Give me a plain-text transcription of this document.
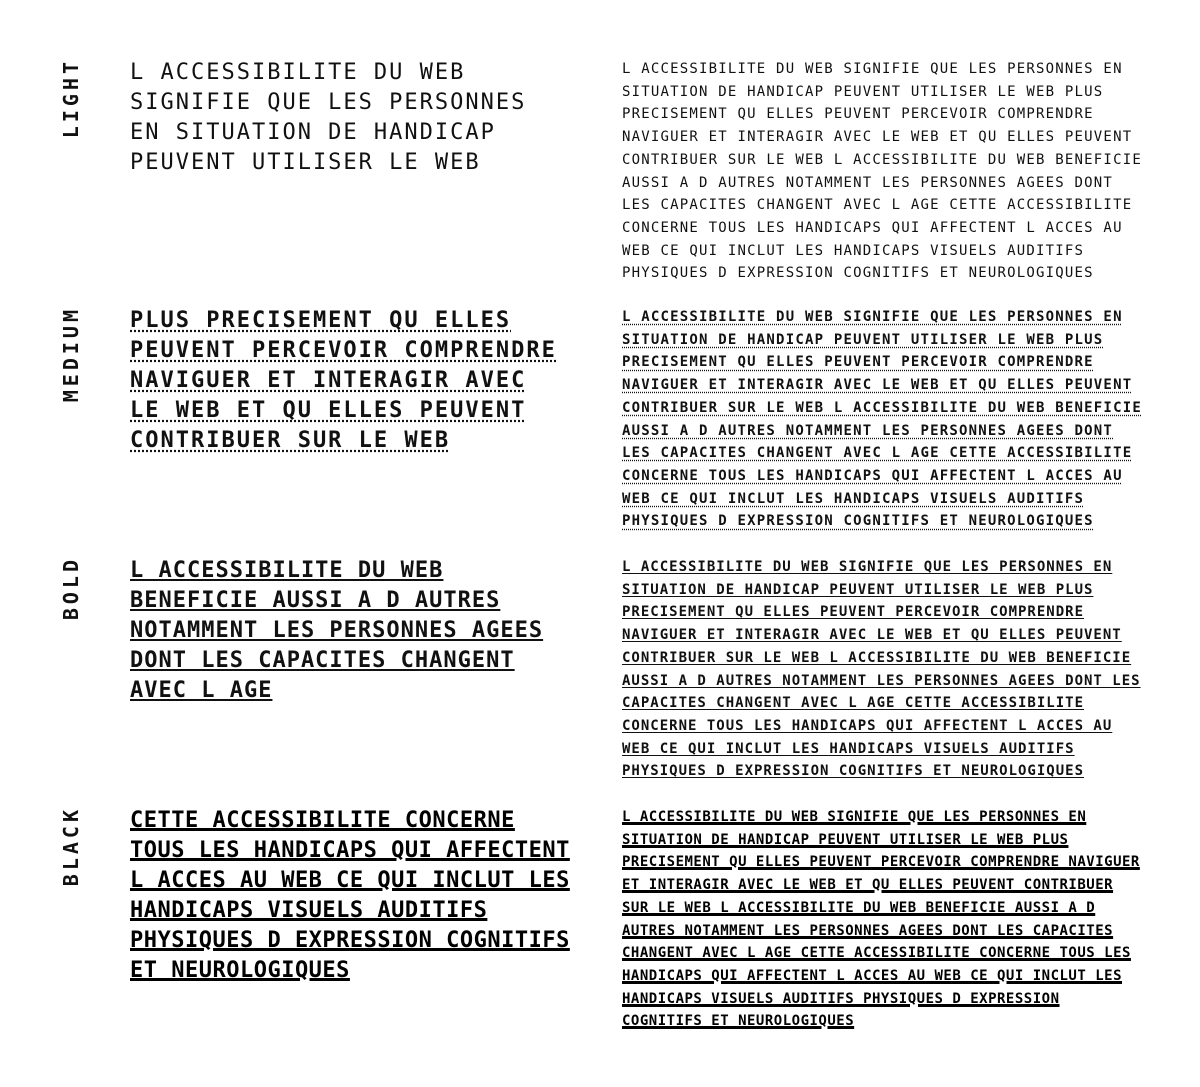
LIGHT L ACCESSIBILITE DU WEB SIGNIFIE QUE LES PERSONNES EN SITUATION DE HANDICAP PEUVENT UTILISER LE WEB
L ACCESSIBILITE DU WEB SIGNIFIE QUE LES PERSONNES EN SITUATION DE HANDICAP PEUVENT UTILISER LE WEB PLUS PRECISEMENT QU ELLES PEUVENT PERCEVOIR COMPRENDRE NAVIGUER ET INTERAGIR AVEC LE WEB ET QU ELLES PEUVENT CONTRIBUER SUR LE WEB L ACCESSIBILITE DU WEB BENEFICIE AUSSI A D AUTRES NOTAMMENT LES PERSONNES AGEES DONT LES CAPACITES CHANGENT AVEC L AGE CETTE ACCESSIBILITE CONCERNE TOUS LES HANDICAPS QUI AFFECTENT L ACCES AU WEB CE QUI INCLUT LES HANDICAPS VISUELS AUDITIFS PHYSIQUES D EXPRESSION COGNITIFS ET NEUROLOGIQUES
MEDIUM PLUS PRECISEMENT QU ELLES PEUVENT PERCEVOIR COMPRENDRE NAVIGUER ET INTERAGIR AVEC LE WEB ET QU ELLES PEUVENT CONTRIBUER SUR LE WEB
L ACCESSIBILITE DU WEB SIGNIFIE QUE LES PERSONNES EN SITUATION DE HANDICAP PEUVENT UTILISER LE WEB PLUS PRECISEMENT QU ELLES PEUVENT PERCEVOIR COMPRENDRE NAVIGUER ET INTERAGIR AVEC LE WEB ET QU ELLES PEUVENT CONTRIBUER SUR LE WEB L ACCESSIBILITE DU WEB BENEFICIE AUSSI A D AUTRES NOTAMMENT LES PERSONNES AGEES DONT LES CAPACITES CHANGENT AVEC L AGE CETTE ACCESSIBILITE CONCERNE TOUS LES HANDICAPS QUI AFFECTENT L ACCES AU WEB CE QUI INCLUT LES HANDICAPS VISUELS AUDITIFS PHYSIQUES D EXPRESSION COGNITIFS ET NEUROLOGIQUES
BOLD L ACCESSIBILITE DU WEB BENEFICIE AUSSI A D AUTRES NOTAMMENT LES PERSONNES AGEES DONT LES CAPACITES CHANGENT AVEC L AGE
L ACCESSIBILITE DU WEB SIGNIFIE QUE LES PERSONNES EN SITUATION DE HANDICAP PEUVENT UTILISER LE WEB PLUS PRECISEMENT QU ELLES PEUVENT PERCEVOIR COMPRENDRE NAVIGUER ET INTERAGIR AVEC LE WEB ET QU ELLES PEUVENT CONTRIBUER SUR LE WEB L ACCESSIBILITE DU WEB BENEFICIE AUSSI A D AUTRES NOTAMMENT LES PERSONNES AGEES DONT LES CAPACITES CHANGENT AVEC L AGE CETTE ACCESSIBILITE CONCERNE TOUS LES HANDICAPS QUI AFFECTENT L ACCES AU WEB CE QUI INCLUT LES HANDICAPS VISUELS AUDITIFS PHYSIQUES D EXPRESSION COGNITIFS ET NEUROLOGIQUES
BLACK CETTE ACCESSIBILITE CONCERNE TOUS LES HANDICAPS QUI AFFECTENT L ACCES AU WEB CE QUI INCLUT LES HANDICAPS VISUELS AUDITIFS PHYSIQUES D EXPRESSION COGNITIFS ET NEUROLOGIQUES
L ACCESSIBILITE DU WEB SIGNIFIE QUE LES PERSONNES EN SITUATION DE HANDICAP PEUVENT UTILISER LE WEB PLUS PRECISEMENT QU ELLES PEUVENT PERCEVOIR COMPRENDRE NAVIGUER ET INTERAGIR AVEC LE WEB ET QU ELLES PEUVENT CONTRIBUER SUR LE WEB L ACCESSIBILITE DU WEB BENEFICIE AUSSI A D AUTRES NOTAMMENT LES PERSONNES AGEES DONT LES CAPACITES CHANGENT AVEC L AGE CETTE ACCESSIBILITE CONCERNE TOUS LES HANDICAPS QUI AFFECTENT L ACCES AU WEB CE QUI INCLUT LES HANDICAPS VISUELS AUDITIFS PHYSIQUES D EXPRESSION COGNITIFS ET NEUROLOGIQUES
